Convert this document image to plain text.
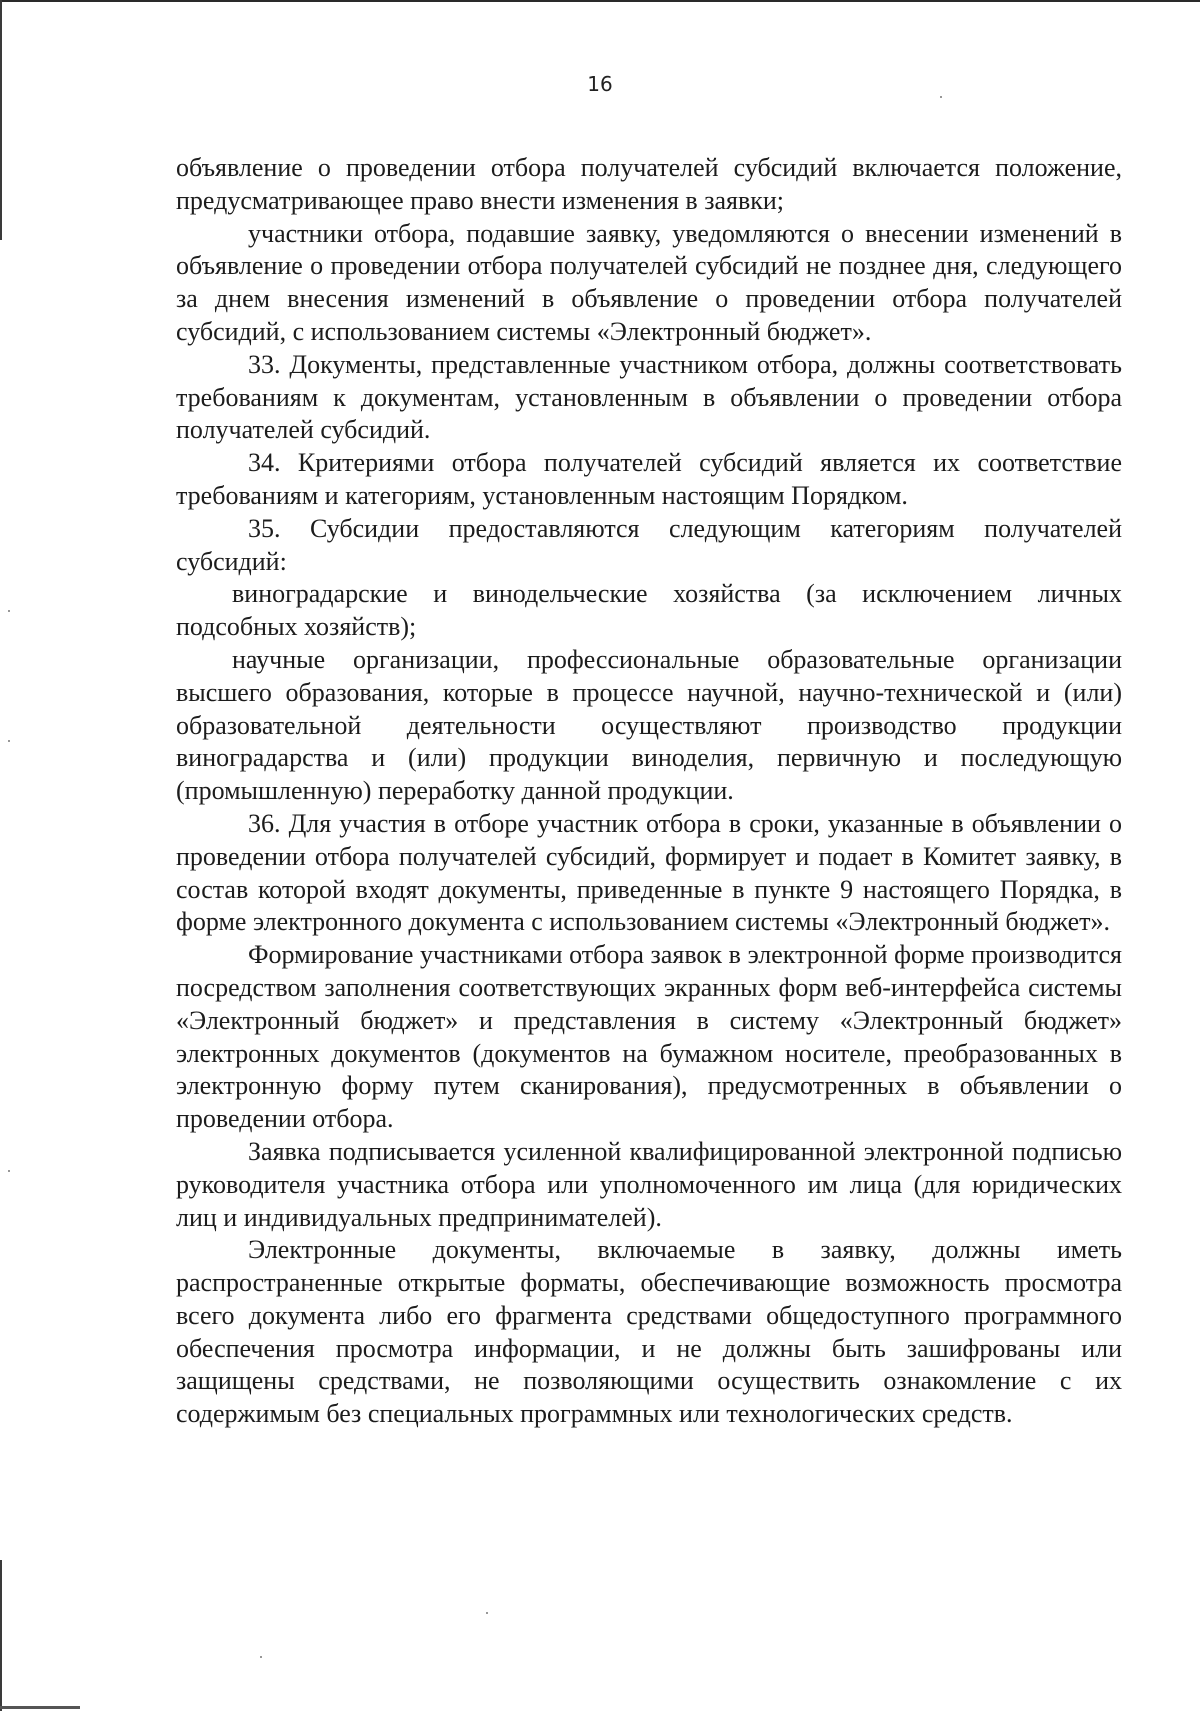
16

объявление о проведении отбора получателей субсидий включается положение, предусматривающее право внести изменения в заявки;

участники отбора, подавшие заявку, уведомляются о внесении изменений в объявление о проведении отбора получателей субсидий не позднее дня, следующего за днем внесения изменений в объявление о проведении отбора получателей субсидий, с использованием системы «Электронный бюджет».

33. Документы, представленные участником отбора, должны соответствовать требованиям к документам, установленным в объявлении о проведении отбора получателей субсидий.

34. Критериями отбора получателей субсидий является их соответствие требованиям и категориям, установленным настоящим Порядком.

35. Субсидии предоставляются следующим категориям получателей субсидий:

виноградарские и винодельческие хозяйства (за исключением личных подсобных хозяйств);

научные организации, профессиональные образовательные организации высшего образования, которые в процессе научной, научно-технической и (или) образовательной деятельности осуществляют производство продукции виноградарства и (или) продукции виноделия, первичную и последующую (промышленную) переработку данной продукции.

36. Для участия в отборе участник отбора в сроки, указанные в объявлении о проведении отбора получателей субсидий, формирует и подает в Комитет заявку, в состав которой входят документы, приведенные в пункте 9 настоящего Порядка, в форме электронного документа с использованием системы «Электронный бюджет».

Формирование участниками отбора заявок в электронной форме производится посредством заполнения соответствующих экранных форм веб-интерфейса системы «Электронный бюджет» и представления в систему «Электронный бюджет» электронных документов (документов на бумажном носителе, преобразованных в электронную форму путем сканирования), предусмотренных в объявлении о проведении отбора.

Заявка подписывается усиленной квалифицированной электронной подписью руководителя участника отбора или уполномоченного им лица (для юридических лиц и индивидуальных предпринимателей).

Электронные документы, включаемые в заявку, должны иметь распространенные открытые форматы, обеспечивающие возможность просмотра всего документа либо его фрагмента средствами общедоступного программного обеспечения просмотра информации, и не должны быть зашифрованы или защищены средствами, не позволяющими осуществить ознакомление с их содержимым без специальных программных или технологических средств.
